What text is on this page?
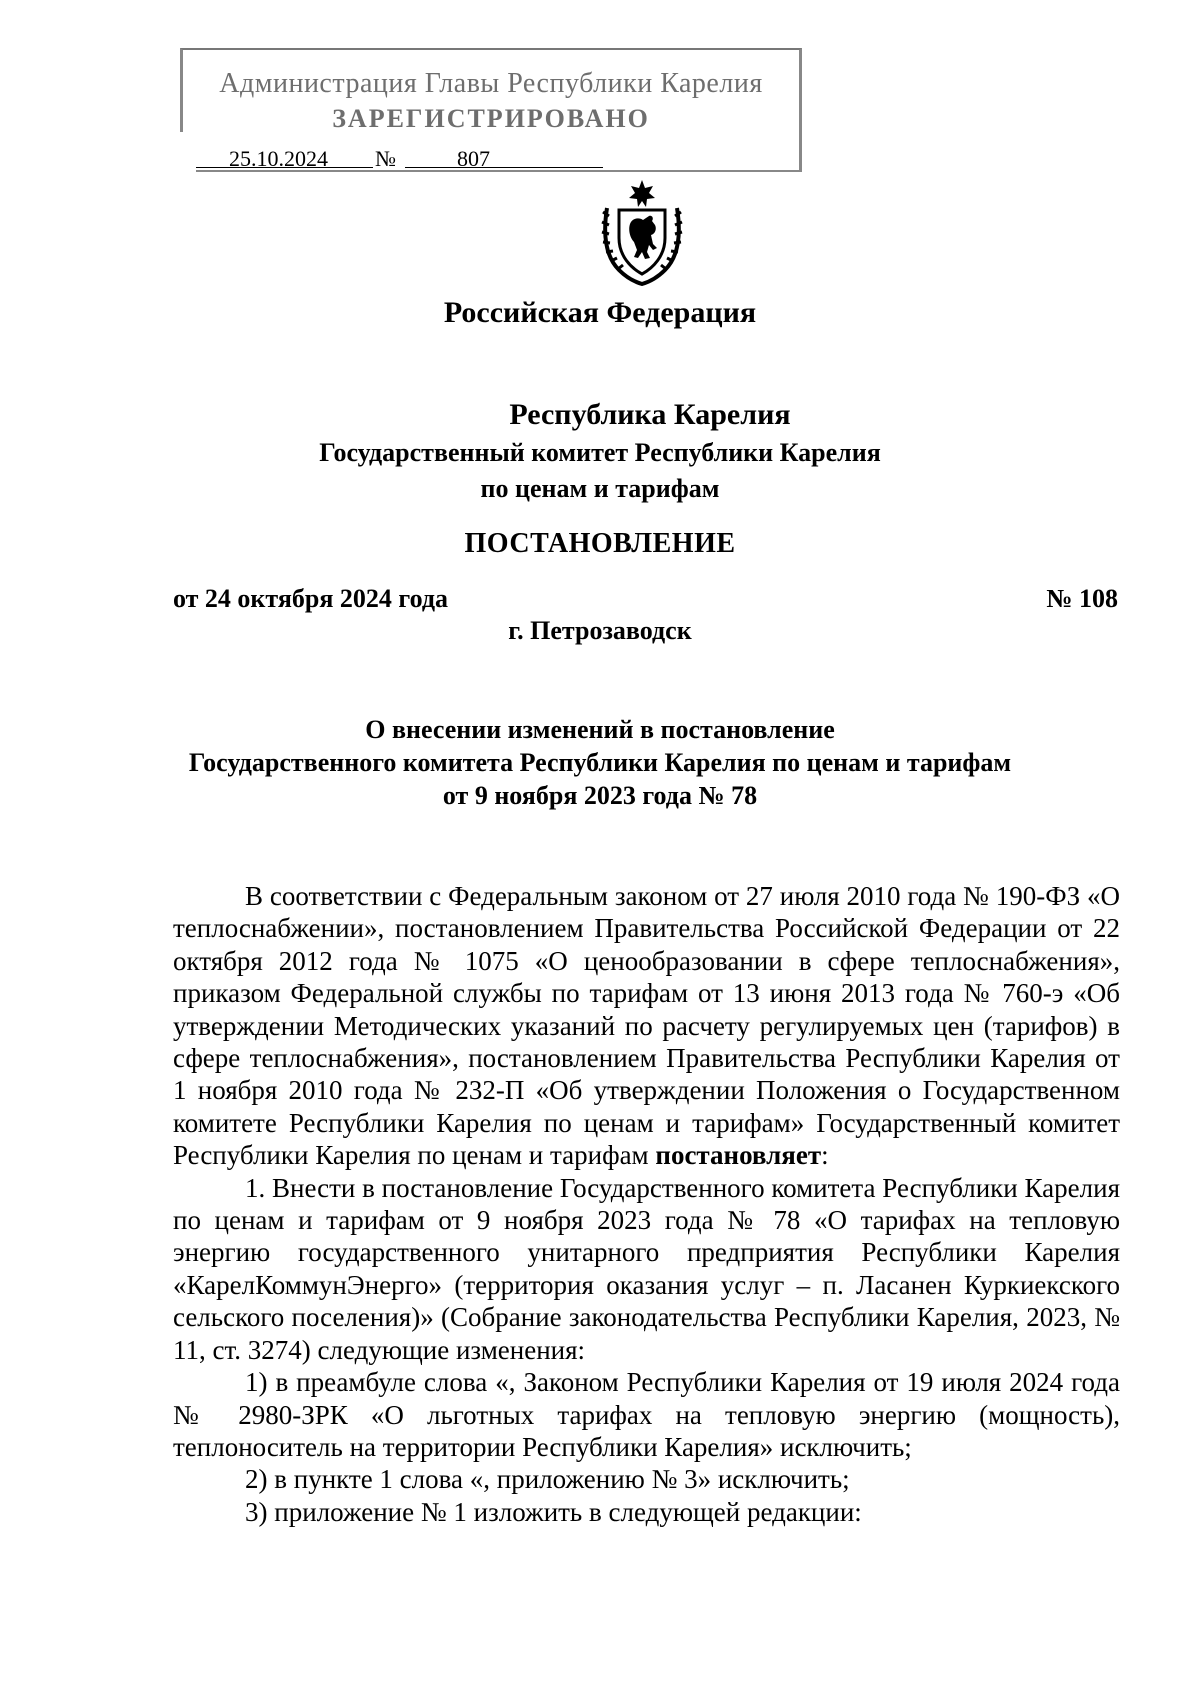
Администрация Главы Республики Карелия
ЗАРЕГИСТРИРОВАНО
25.10.2024 №	807
Российская Федерация
Республика Карелия
Государственный комитет Республики Карелия
по ценам и тарифам
ПОСТАНОВЛЕНИЕ
от 24 октября 2024 года	№ 108
г. Петрозаводск
О внесении изменений в постановление
Государственного комитета Республики Карелия по ценам и тарифам
от 9 ноября 2023 года № 78

В соответствии с Федеральным законом от 27 июля 2010 года № 190-ФЗ «О теплоснабжении», постановлением Правительства Российской Федерации от 22 октября 2012 года № 1075 «О ценообразовании в сфере теплоснабжения», приказом Федеральной службы по тарифам от 13 июня 2013 года № 760-э «Об утверждении Методических указаний по расчету регулируемых цен (тарифов) в сфере теплоснабжения», постановлением Правительства Республики Карелия от 1 ноября 2010 года № 232-П «Об утверждении Положения о Государственном комитете Республики Карелия по ценам и тарифам» Государственный комитет Республики Карелия по ценам и тарифам постановляет:

1. Внести в постановление Государственного комитета Республики Карелия по ценам и тарифам от 9 ноября 2023 года № 78 «О тарифах на тепловую энергию государственного унитарного предприятия Республики Карелия «КарелКоммунЭнерго» (территория оказания услуг – п. Ласанен Куркиекского сельского поселения)» (Собрание законодательства Республики Карелия, 2023, № 11, ст. 3274) следующие изменения:

1) в преамбуле слова «, Законом Республики Карелия от 19 июля 2024 года № 2980-ЗРК «О льготных тарифах на тепловую энергию (мощность), теплоноситель на территории Республики Карелия» исключить;

2) в пункте 1 слова «, приложению № 3» исключить;

3) приложение № 1 изложить в следующей редакции:
